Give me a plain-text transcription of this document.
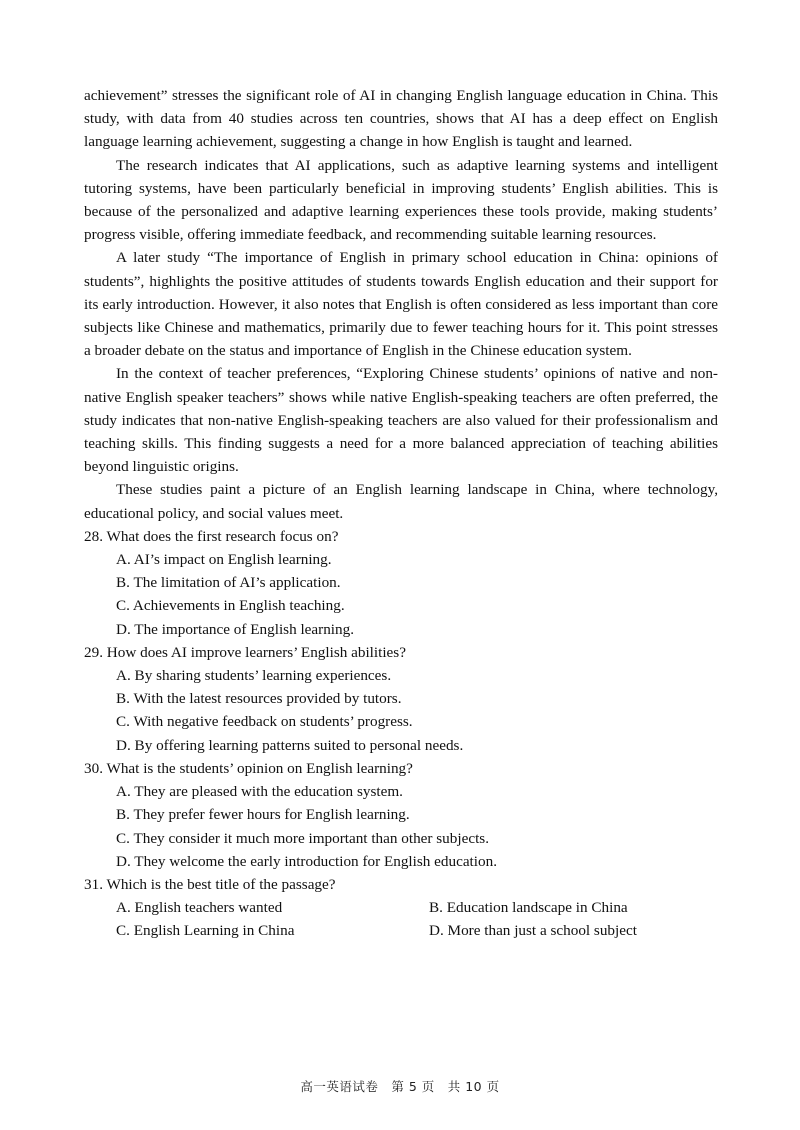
achievement” stresses the significant role of AI in changing English language education in China. This study, with data from 40 studies across ten countries, shows that AI has a deep effect on English language learning achievement, suggesting a change in how English is taught and learned.

The research indicates that AI applications, such as adaptive learning systems and intelligent tutoring systems, have been particularly beneficial in improving students’ English abilities. This is because of the personalized and adaptive learning experiences these tools provide, making students’ progress visible, offering immediate feedback, and recommending suitable learning resources.

A later study “The importance of English in primary school education in China: opinions of students”, highlights the positive attitudes of students towards English education and their support for its early introduction. However, it also notes that English is often considered as less important than core subjects like Chinese and mathematics, primarily due to fewer teaching hours for it. This point stresses a broader debate on the status and importance of English in the Chinese education system.

In the context of teacher preferences, “Exploring Chinese students’ opinions of native and non-native English speaker teachers” shows while native English-speaking teachers are often preferred, the study indicates that non-native English-speaking teachers are also valued for their professionalism and teaching skills. This finding suggests a need for a more balanced appreciation of teaching abilities beyond linguistic origins.

These studies paint a picture of an English learning landscape in China, where technology, educational policy, and social values meet.

28. What does the first research focus on?

A. AI’s impact on English learning.

B. The limitation of AI’s application.

C. Achievements in English teaching.

D. The importance of English learning.

29. How does AI improve learners’ English abilities?

A. By sharing students’ learning experiences.

B. With the latest resources provided by tutors.

C. With negative feedback on students’ progress.

D. By offering learning patterns suited to personal needs.

30. What is the students’ opinion on English learning?

A. They are pleased with the education system.

B. They prefer fewer hours for English learning.

C. They consider it much more important than other subjects.

D. They welcome the early introduction for English education.

31. Which is the best title of the passage?

A. English teachers wanted	B. Education landscape in China
C. English Learning in China	D. More than just a school subject
高一英语试卷　第 5 页　共 10 页
